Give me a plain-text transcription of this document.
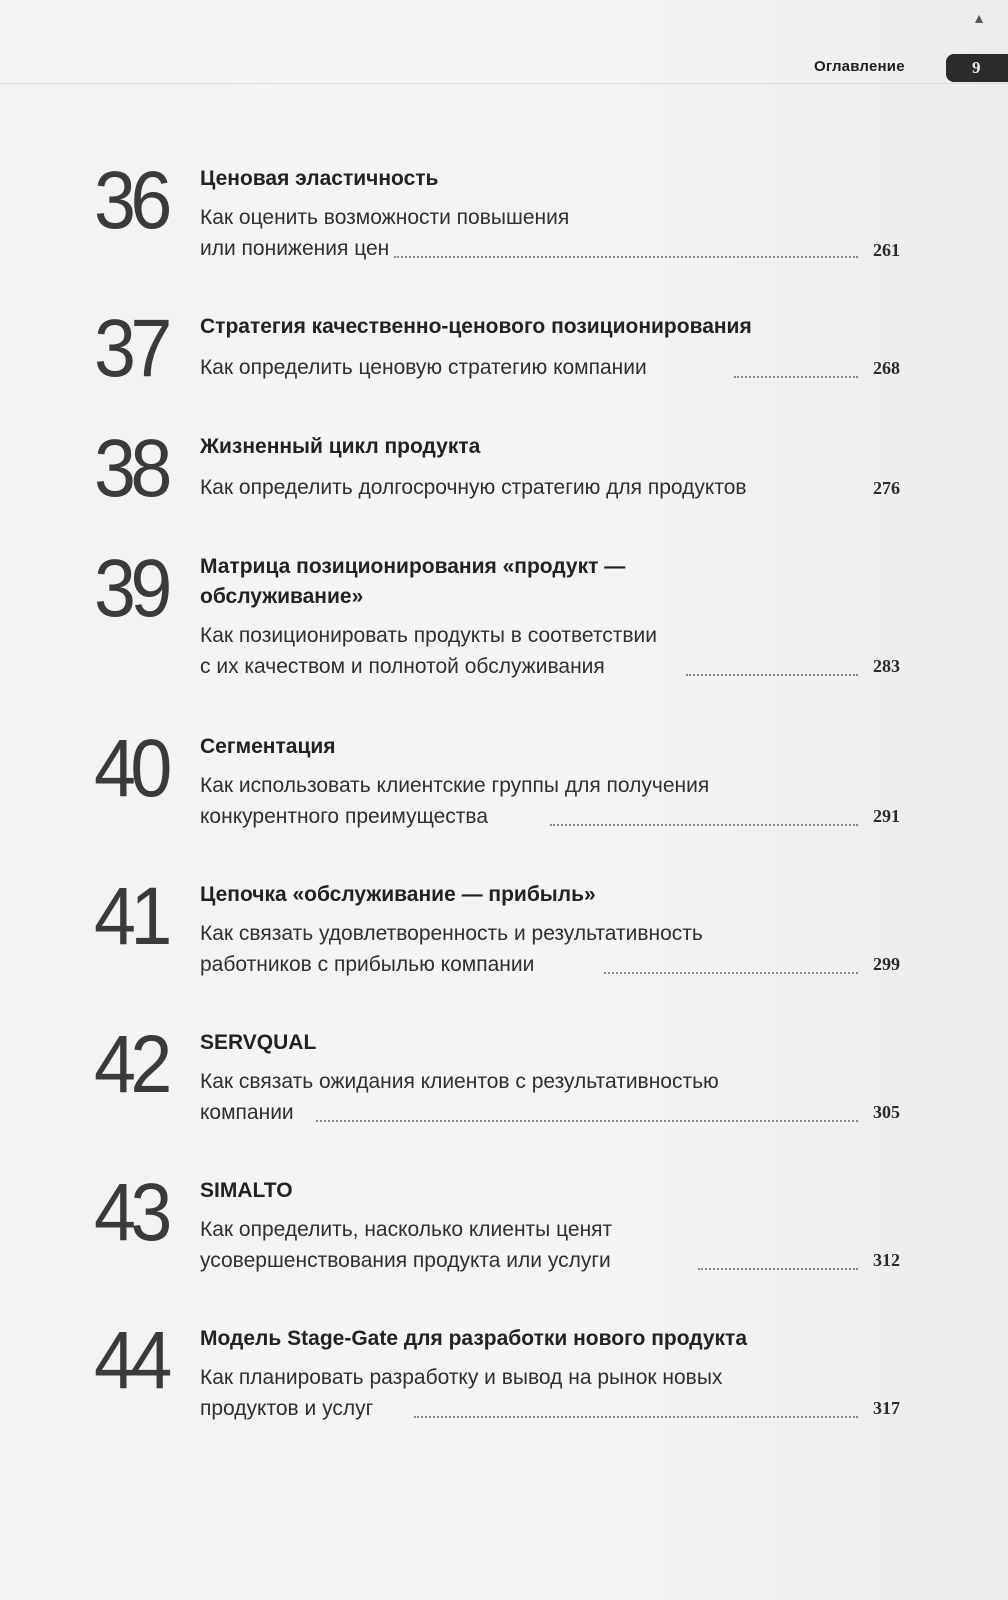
▴
Оглавление	9
36 Ценовая эластичность
Как оценить возможности повышения
или понижения цен	261
37 Стратегия качественно-ценового позиционирования
Как определить ценовую стратегию компании	268
38 Жизненный цикл продукта
Как определить долгосрочную стратегию для продуктов	276
39 Матрица позиционирования «продукт —
обслуживание»
Как позиционировать продукты в соответствии
с их качеством и полнотой обслуживания	283
40 Сегментация
Как использовать клиентские группы для получения
конкурентного преимущества	291
41 Цепочка «обслуживание — прибыль»
Как связать удовлетворенность и результативность
работников с прибылью компании	299
42 SERVQUAL
Как связать ожидания клиентов с результативностью
компании	305
43 SIMALTO
Как определить, насколько клиенты ценят
усовершенствования продукта или услуги	312
44 Модель Stage-Gate для разработки нового продукта
Как планировать разработку и вывод на рынок новых
продуктов и услуг	317
